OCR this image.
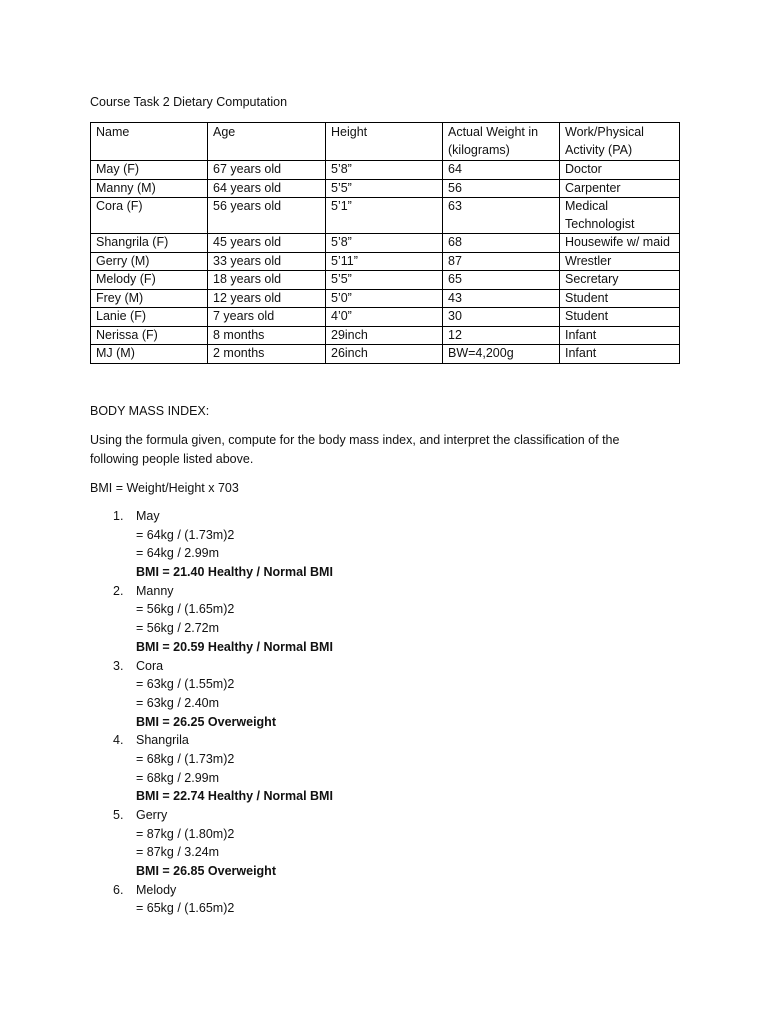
Course Task 2 Dietary Computation
Name	Age	Height	Actual Weight in (kilograms)	Work/Physical Activity (PA)
May (F)	67 years old	5’8”	64	Doctor
Manny (M)	64 years old	5’5”	56	Carpenter
Cora (F)	56 years old	5’1”	63	Medical Technologist
Shangrila (F)	45 years old	5’8”	68	Housewife w/ maid
Gerry (M)	33 years old	5’11”	87	Wrestler
Melody (F)	18 years old	5’5”	65	Secretary
Frey (M)	12 years old	5’0”	43	Student
Lanie (F)	7 years old	4’0”	30	Student
Nerissa (F)	8 months	29inch	12	Infant
MJ (M)	2 months	26inch	BW=4,200g	Infant
BODY MASS INDEX:
Using the formula given, compute for the body mass index, and interpret the classification of the following people listed above.
BMI = Weight/Height x 703
1. May
= 64kg / (1.73m)2
= 64kg / 2.99m
BMI = 21.40 Healthy / Normal BMI
2. Manny
= 56kg / (1.65m)2
= 56kg / 2.72m
BMI = 20.59 Healthy / Normal BMI
3. Cora
= 63kg / (1.55m)2
= 63kg / 2.40m
BMI = 26.25 Overweight
4. Shangrila
= 68kg / (1.73m)2
= 68kg / 2.99m
BMI = 22.74 Healthy / Normal BMI
5. Gerry
= 87kg / (1.80m)2
= 87kg / 3.24m
BMI = 26.85 Overweight
6. Melody
= 65kg / (1.65m)2
